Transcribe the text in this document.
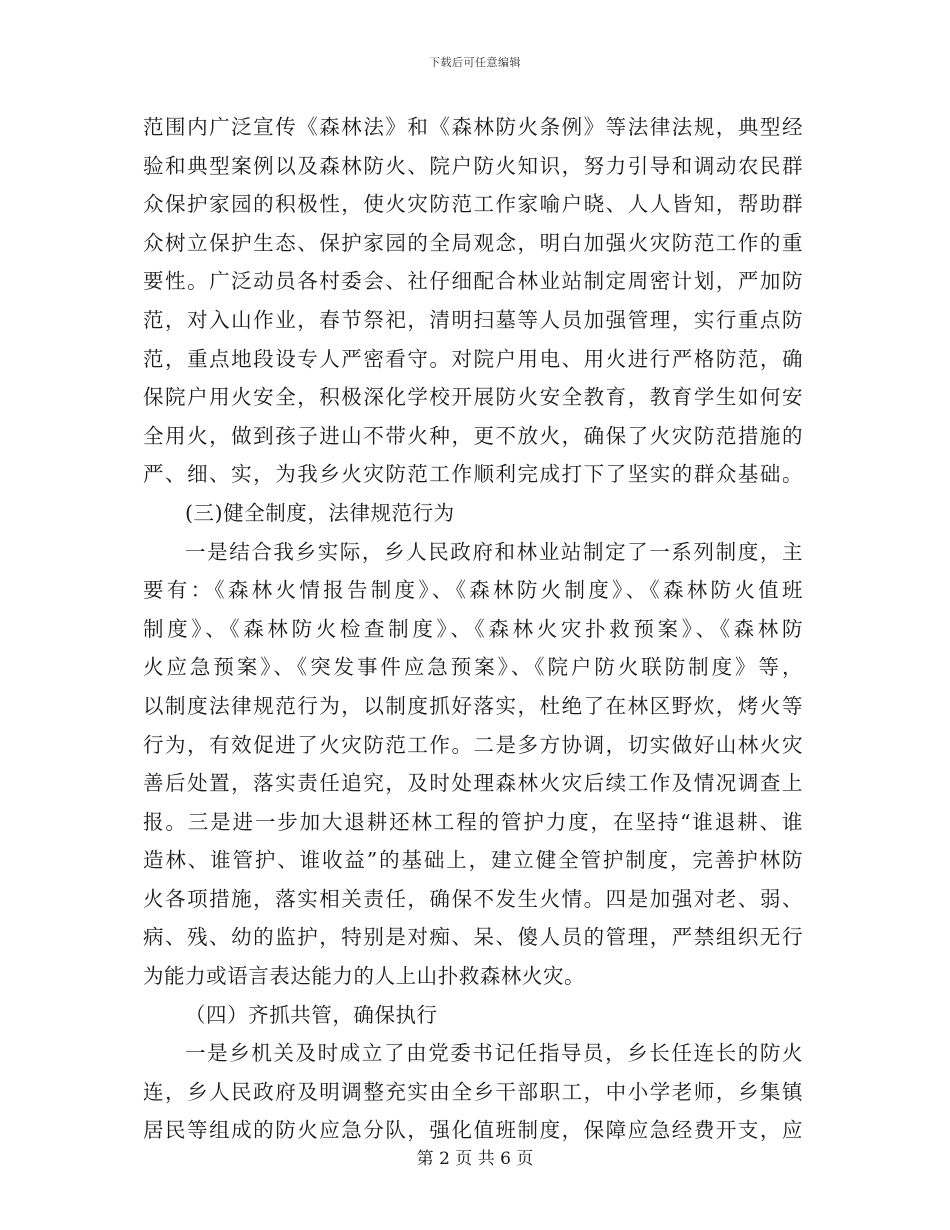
下载后可任意编辑
范围内广泛宣传《森林法》和《森林防火条例》等法律法规，典型经
验和典型案例以及森林防火、院户防火知识，努力引导和调动农民群
众保护家园的积极性，使火灾防范工作家喻户晓、人人皆知，帮助群
众树立保护生态、保护家园的全局观念，明白加强火灾防范工作的重
要性。广泛动员各村委会、社仔细配合林业站制定周密计划，严加防
范，对入山作业，春节祭祀，清明扫墓等人员加强管理，实行重点防
范，重点地段设专人严密看守。对院户用电、用火进行严格防范，确
保院户用火安全，积极深化学校开展防火安全教育，教育学生如何安
全用火，做到孩子进山不带火种，更不放火，确保了火灾防范措施的
严、细、实，为我乡火灾防范工作顺利完成打下了坚实的群众基础。
(三)健全制度，法律规范行为
一是结合我乡实际，乡人民政府和林业站制定了一系列制度，主
要有：《森林火情报告制度》、《森林防火制度》、《森林防火值班
制度》、《森林防火检查制度》、《森林火灾扑救预案》、《森林防
火应急预案》、《突发事件应急预案》、《院户防火联防制度》等，
以制度法律规范行为，以制度抓好落实，杜绝了在林区野炊，烤火等
行为，有效促进了火灾防范工作。二是多方协调，切实做好山林火灾
善后处置，落实责任追究，及时处理森林火灾后续工作及情况调查上
报。三是进一步加大退耕还林工程的管护力度，在坚持“谁退耕、谁
造林、谁管护、谁收益”的基础上，建立健全管护制度，完善护林防
火各项措施，落实相关责任，确保不发生火情。四是加强对老、弱、
病、残、幼的监护，特别是对痴、呆、傻人员的管理，严禁组织无行
为能力或语言表达能力的人上山扑救森林火灾。
（四）齐抓共管，确保执行
一是乡机关及时成立了由党委书记任指导员，乡长任连长的防火
连，乡人民政府及明调整充实由全乡干部职工，中小学老师，乡集镇
居民等组成的防火应急分队，强化值班制度，保障应急经费开支，应
第 2 页 共 6 页
